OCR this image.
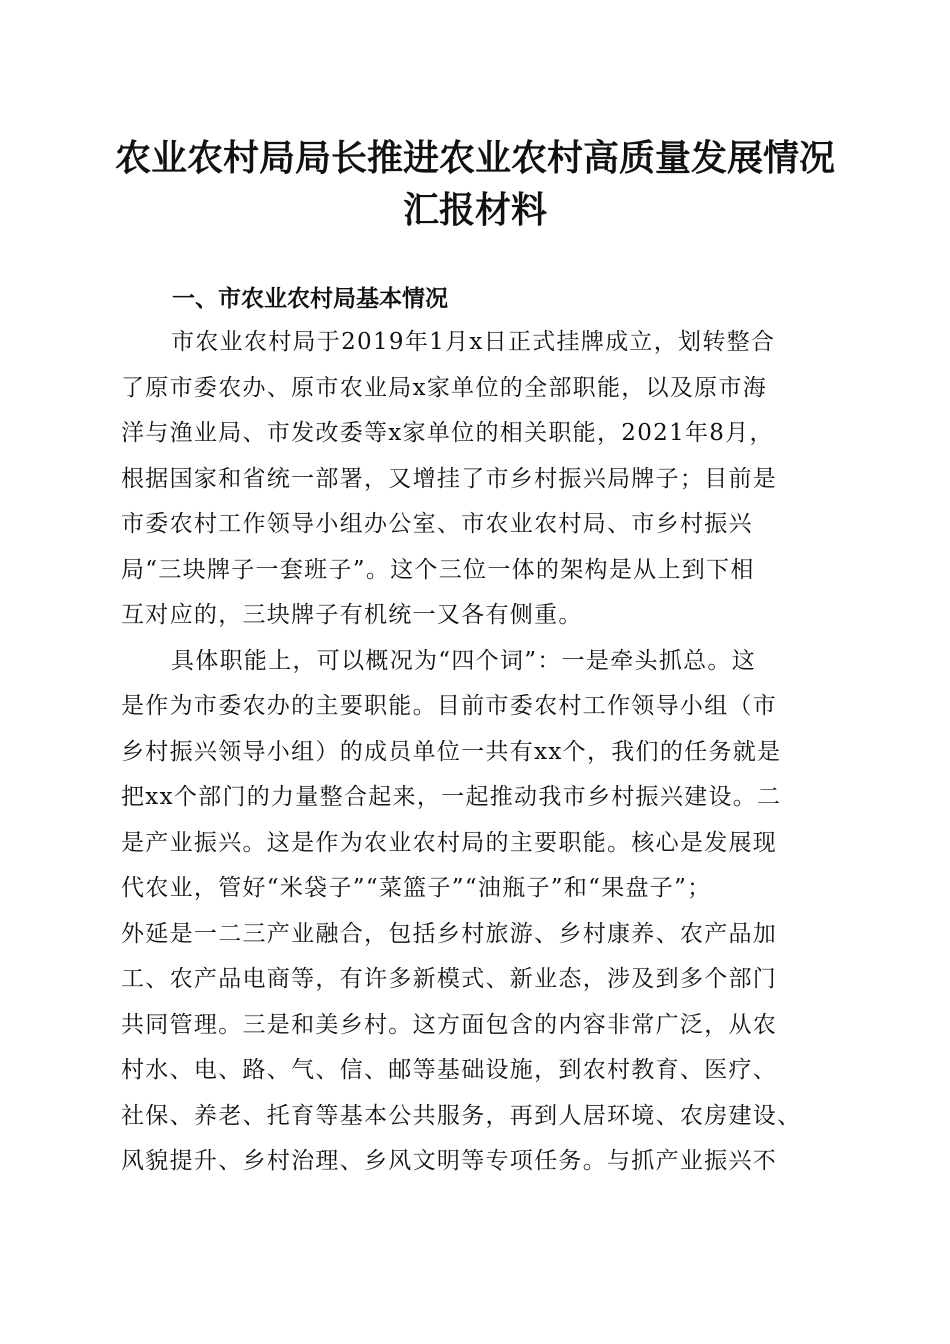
农业农村局局长推进农业农村高质量发展情况
汇报材料
一、市农业农村局基本情况
市农业农村局于2019年1月x日正式挂牌成立，划转整合
了原市委农办、原市农业局x家单位的全部职能，以及原市海
洋与渔业局、市发改委等x家单位的相关职能，2021年8月，
根据国家和省统一部署，又增挂了市乡村振兴局牌子；目前是
市委农村工作领导小组办公室、市农业农村局、市乡村振兴
局“三块牌子一套班子”。这个三位一体的架构是从上到下相
互对应的，三块牌子有机统一又各有侧重。
具体职能上，可以概况为“四个词”：一是牵头抓总。这
是作为市委农办的主要职能。目前市委农村工作领导小组（市
乡村振兴领导小组）的成员单位一共有xx个，我们的任务就是
把xx个部门的力量整合起来，一起推动我市乡村振兴建设。二
是产业振兴。这是作为农业农村局的主要职能。核心是发展现
代农业，管好“米袋子”“菜篮子”“油瓶子”和“果盘子”；
外延是一二三产业融合，包括乡村旅游、乡村康养、农产品加
工、农产品电商等，有许多新模式、新业态，涉及到多个部门
共同管理。三是和美乡村。这方面包含的内容非常广泛，从农
村水、电、路、气、信、邮等基础设施，到农村教育、医疗、
社保、养老、托育等基本公共服务，再到人居环境、农房建设、
风貌提升、乡村治理、乡风文明等专项任务。与抓产业振兴不
